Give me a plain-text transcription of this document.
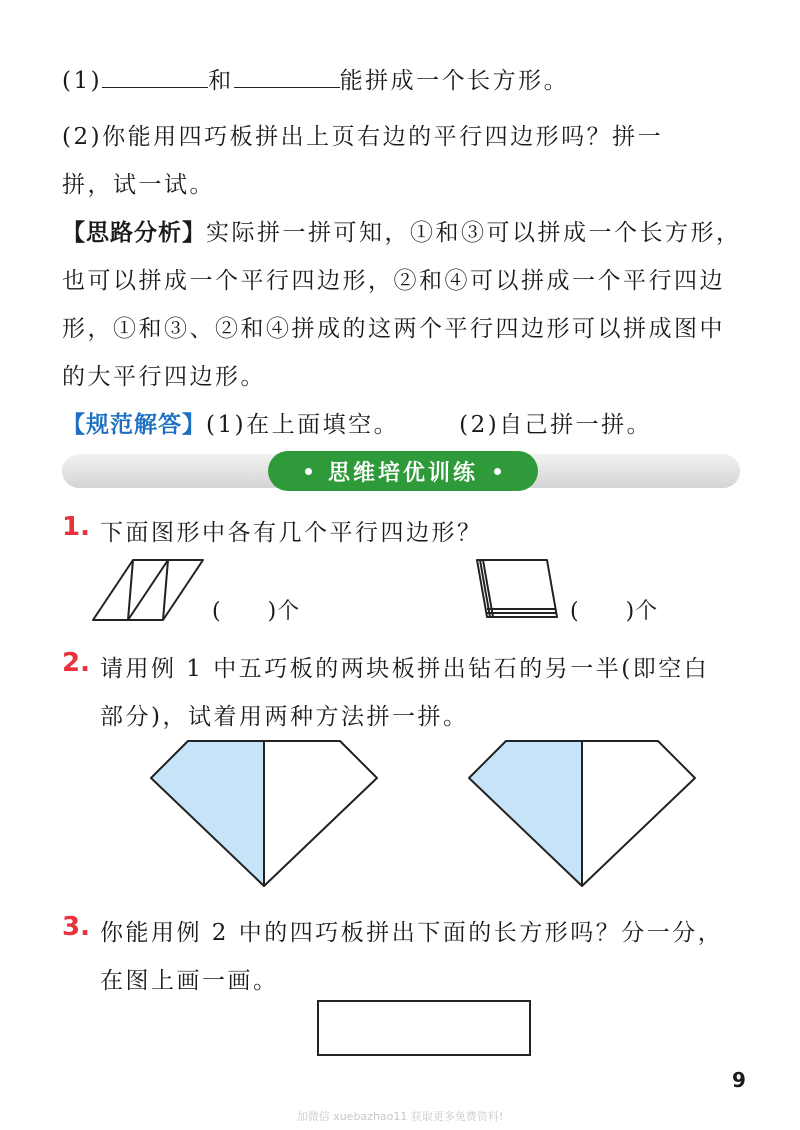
(1)	和	能拼成一个长方形。
(2)你能用四巧板拼出上页右边的平行四边形吗？拼一
拼，试一试。
【思路分析】实际拼一拼可知，①和③可以拼成一个长方形，
也可以拼成一个平行四边形，②和④可以拼成一个平行四边
形，①和③、②和④拼成的这两个平行四边形可以拼成图中
的大平行四边形。
【规范解答】(1)在上面填空。	(2)自己拼一拼。
思维培优训练
1. 下面图形中各有几个平行四边形？
(　　)个	(　　)个
2. 请用例 1 中五巧板的两块板拼出钻石的另一半(即空白
部分)，试着用两种方法拼一拼。
3. 你能用例 2 中的四巧板拼出下面的长方形吗？分一分，
在图上画一画。
9
加微信 xuebazhao11 获取更多免费资料!
